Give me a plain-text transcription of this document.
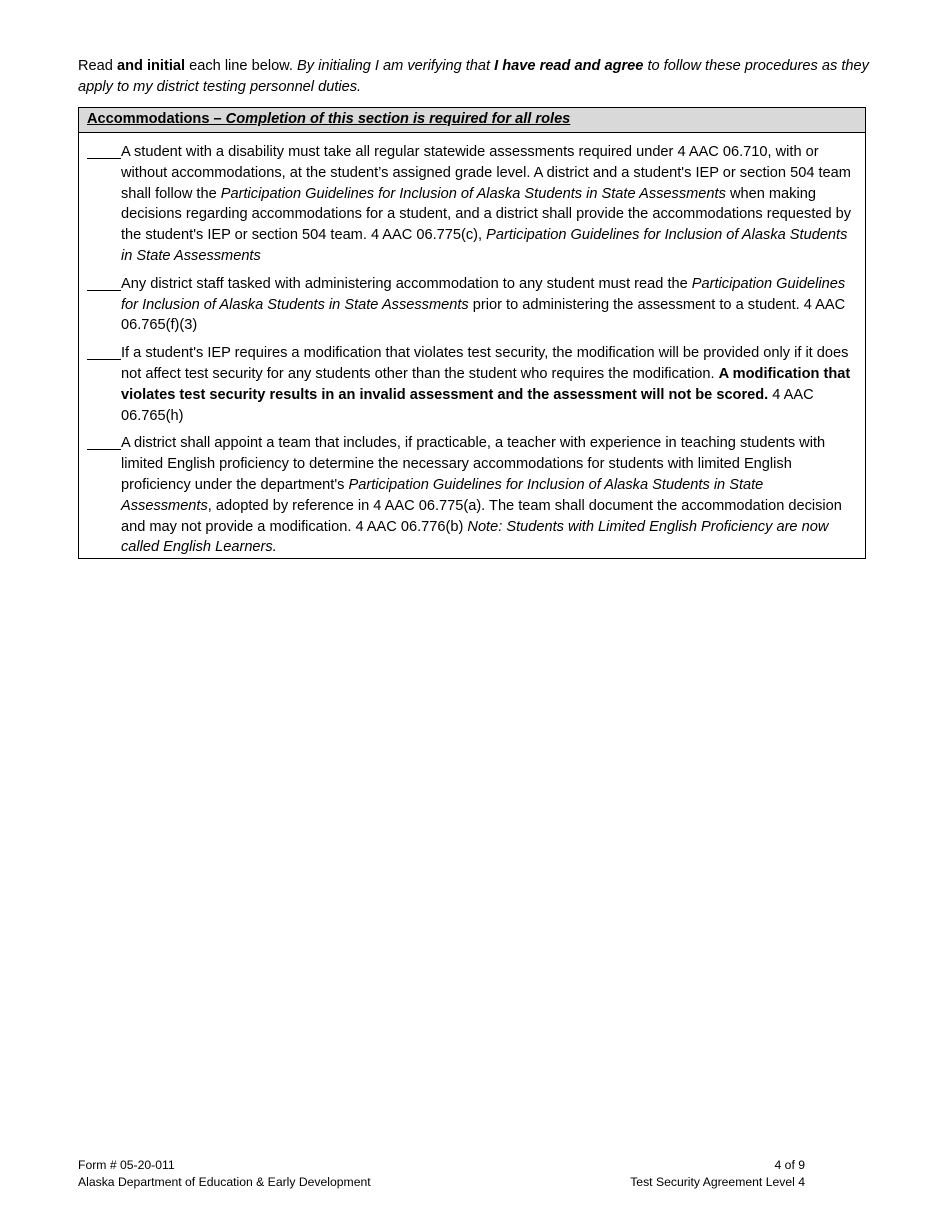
Read and initial each line below. By initialing I am verifying that I have read and agree to follow these procedures as they apply to my district testing personnel duties.

Accommodations – Completion of this section is required for all roles
A student with a disability must take all regular statewide assessments required under 4 AAC 06.710, with or without accommodations, at the student’s assigned grade level. A district and a student's IEP or section 504 team shall follow the Participation Guidelines for Inclusion of Alaska Students in State Assessments when making decisions regarding accommodations for a student, and a district shall provide the accommodations requested by the student's IEP or section 504 team. 4 AAC 06.775(c), Participation Guidelines for Inclusion of Alaska Students in State Assessments
Any district staff tasked with administering accommodation to any student must read the Participation Guidelines for Inclusion of Alaska Students in State Assessments prior to administering the assessment to a student. 4 AAC 06.765(f)(3)
If a student's IEP requires a modification that violates test security, the modification will be provided only if it does not affect test security for any students other than the student who requires the modification. A modification that violates test security results in an invalid assessment and the assessment will not be scored. 4 AAC 06.765(h)
A district shall appoint a team that includes, if practicable, a teacher with experience in teaching students with limited English proficiency to determine the necessary accommodations for students with limited English proficiency under the department's Participation Guidelines for Inclusion of Alaska Students in State Assessments, adopted by reference in 4 AAC 06.775(a). The team shall document the accommodation decision and may not provide a modification. 4 AAC 06.776(b) Note: Students with Limited English Proficiency are now called English Learners.
Form # 05-20-011
Alaska Department of Education & Early Development
4 of 9
Test Security Agreement Level 4
